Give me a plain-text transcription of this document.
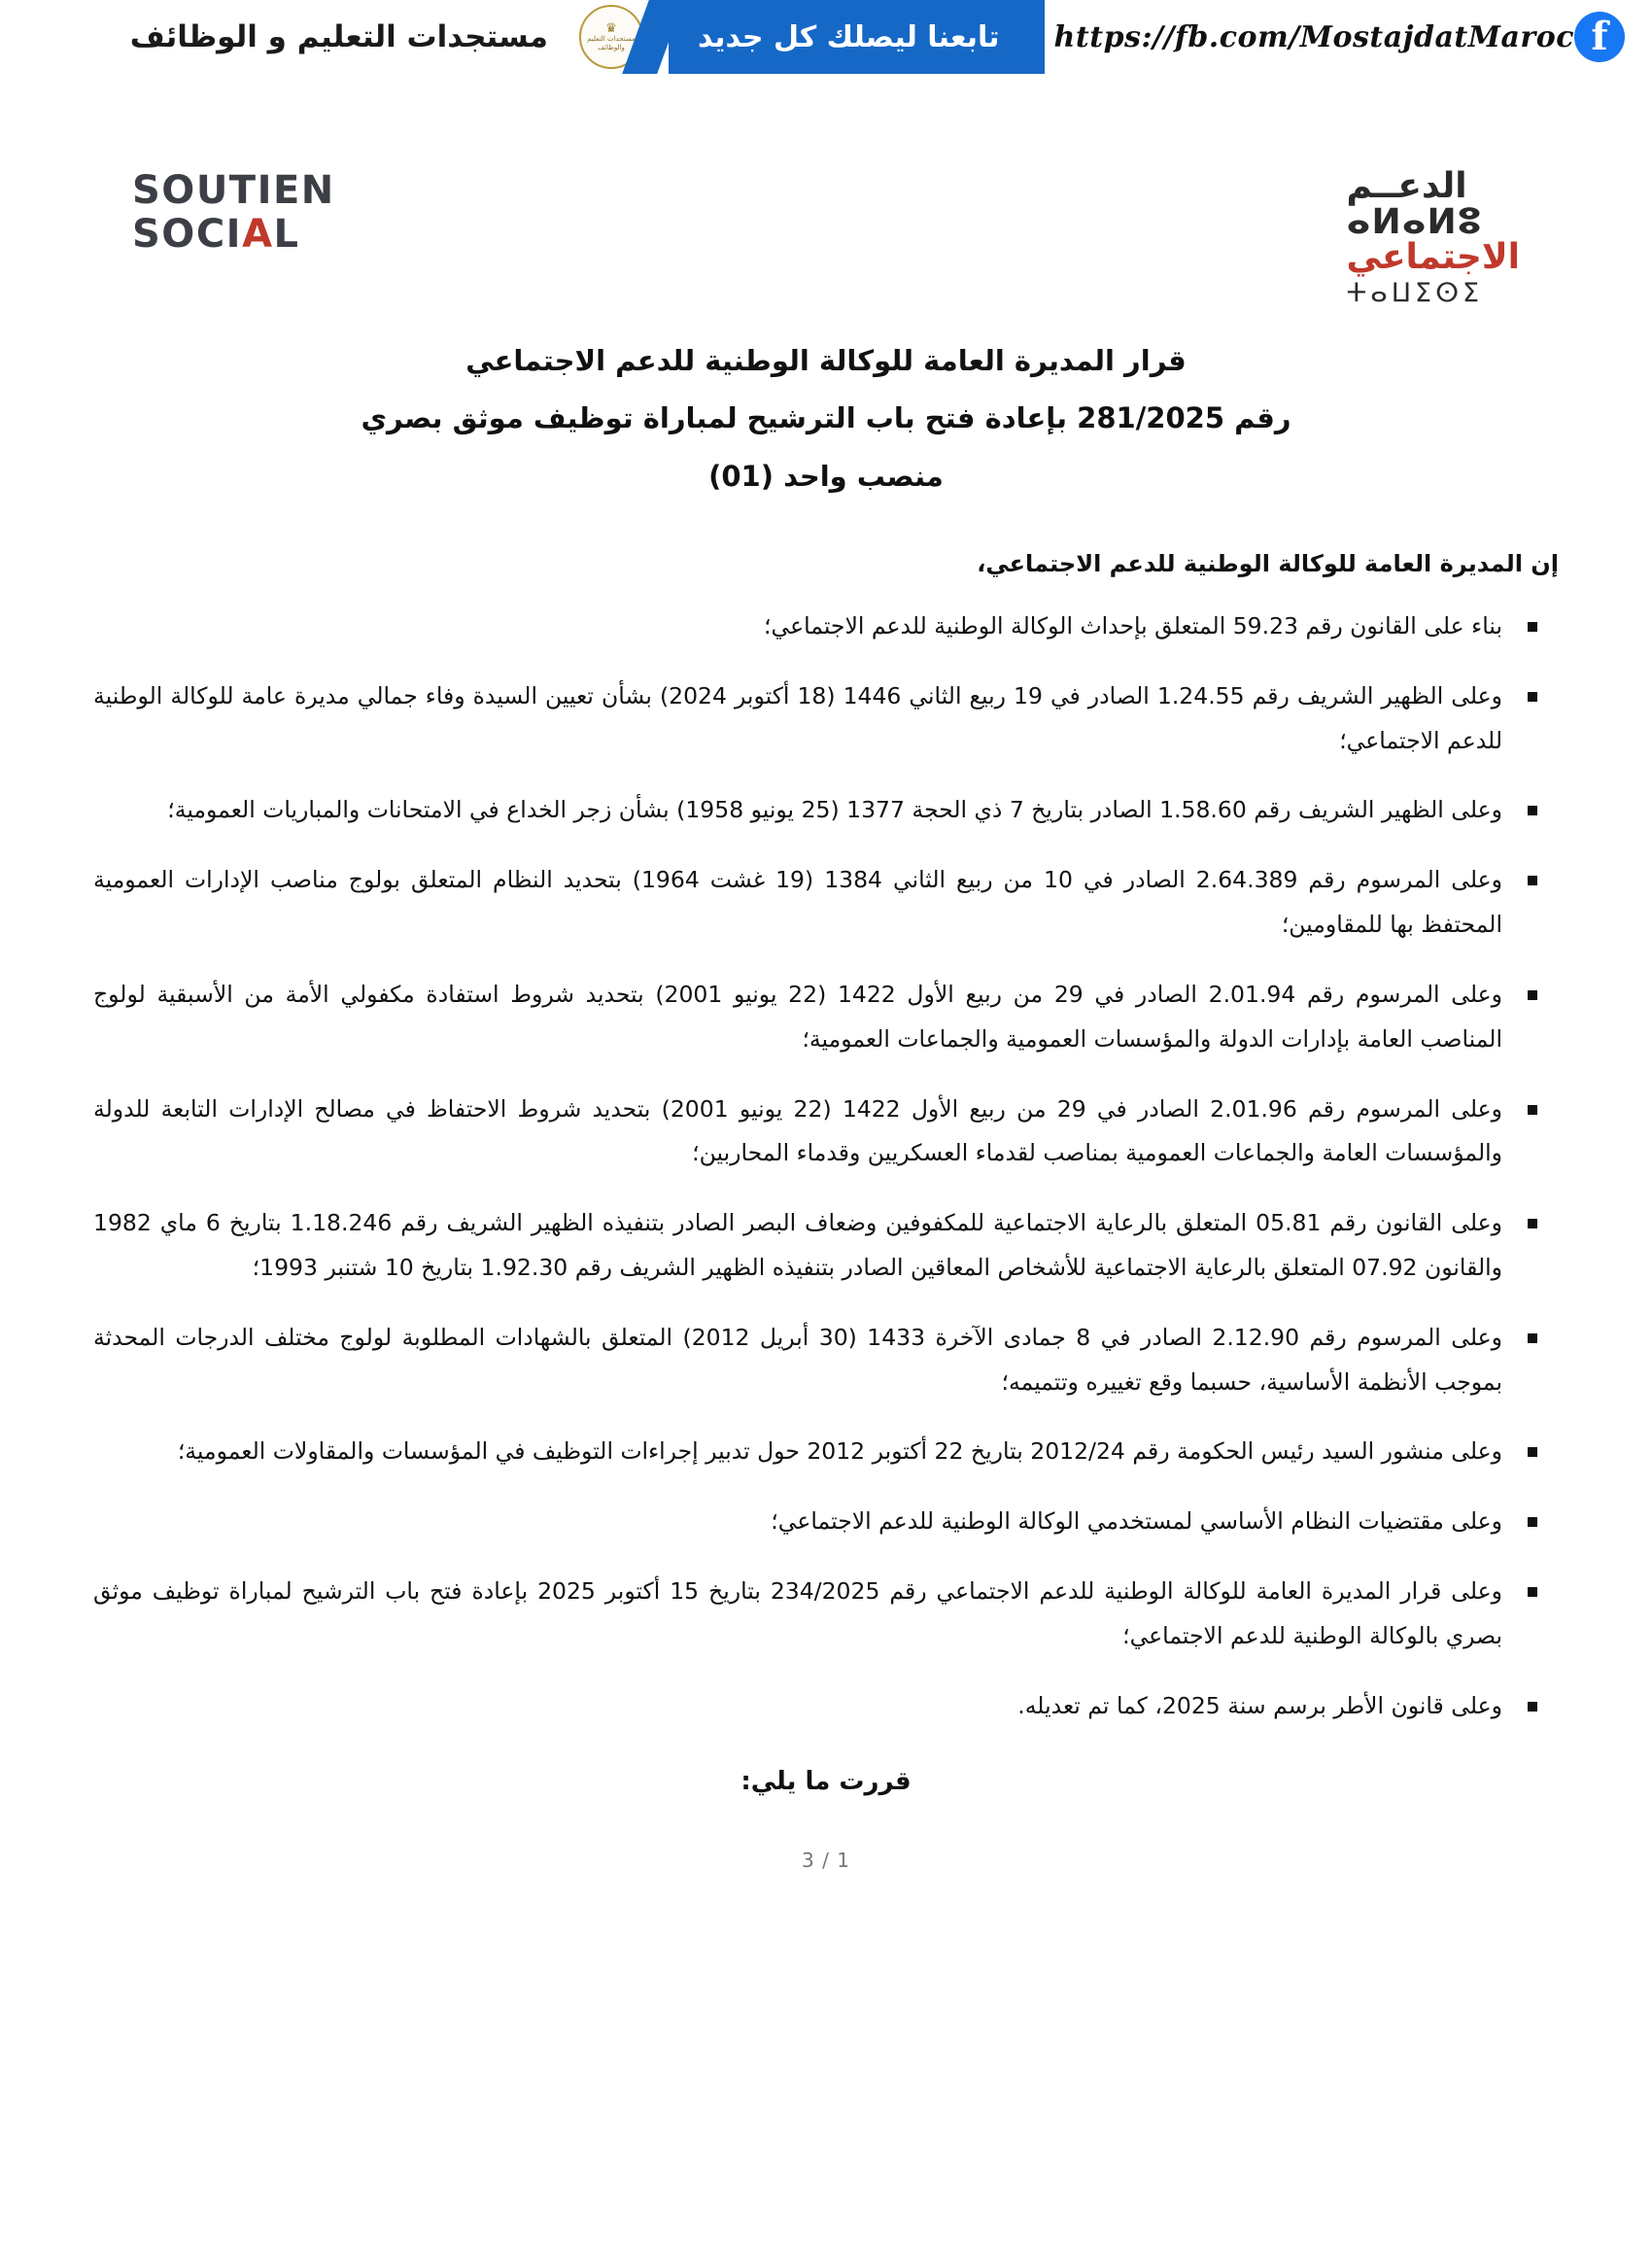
f
https://fb.com/MostajdatMaroc
تابعنا ليصلك كل جديد
♛
مستجدات التعليم والوظائف
مستجدات التعليم و الوظائف
الدعــم
ⴰⵍⴰⵍⵓ
الاجتماعي
ⵜⴰⵡⵉⵙⵉ
SOUTIEN
SOCIAL
قرار المديرة العامة للوكالة الوطنية للدعم الاجتماعي
رقم 281/2025 بإعادة فتح باب الترشيح لمباراة توظيف موثق بصري
منصب واحد (01)
إن المديرة العامة للوكالة الوطنية للدعم الاجتماعي،
بناء على القانون رقم 59.23 المتعلق بإحداث الوكالة الوطنية للدعم الاجتماعي؛
وعلى الظهير الشريف رقم 1.24.55 الصادر في 19 ربيع الثاني 1446 (18 أكتوبر 2024) بشأن تعيين السيدة وفاء جمالي مديرة عامة للوكالة الوطنية للدعم الاجتماعي؛
وعلى الظهير الشريف رقم 1.58.60 الصادر بتاريخ 7 ذي الحجة 1377 (25 يونيو 1958) بشأن زجر الخداع في الامتحانات والمباريات العمومية؛
وعلى المرسوم رقم 2.64.389 الصادر في 10 من ربيع الثاني 1384 (19 غشت 1964) بتحديد النظام المتعلق بولوج مناصب الإدارات العمومية المحتفظ بها للمقاومين؛
وعلى المرسوم رقم 2.01.94 الصادر في 29 من ربيع الأول 1422 (22 يونيو 2001) بتحديد شروط استفادة مكفولي الأمة من الأسبقية لولوج المناصب العامة بإدارات الدولة والمؤسسات العمومية والجماعات العمومية؛
وعلى المرسوم رقم 2.01.96 الصادر في 29 من ربيع الأول 1422 (22 يونيو 2001) بتحديد شروط الاحتفاظ في مصالح الإدارات التابعة للدولة والمؤسسات العامة والجماعات العمومية بمناصب لقدماء العسكريين وقدماء المحاربين؛
وعلى القانون رقم 05.81 المتعلق بالرعاية الاجتماعية للمكفوفين وضعاف البصر الصادر بتنفيذه الظهير الشريف رقم 1.18.246 بتاريخ 6 ماي 1982 والقانون 07.92 المتعلق بالرعاية الاجتماعية للأشخاص المعاقين الصادر بتنفيذه الظهير الشريف رقم 1.92.30 بتاريخ 10 شتنبر 1993؛
وعلى المرسوم رقم 2.12.90 الصادر في 8 جمادى الآخرة 1433 (30 أبريل 2012) المتعلق بالشهادات المطلوبة لولوج مختلف الدرجات المحدثة بموجب الأنظمة الأساسية، حسبما وقع تغييره وتتميمه؛
وعلى منشور السيد رئيس الحكومة رقم 2012/24 بتاريخ 22 أكتوبر 2012 حول تدبير إجراءات التوظيف في المؤسسات والمقاولات العمومية؛
وعلى مقتضيات النظام الأساسي لمستخدمي الوكالة الوطنية للدعم الاجتماعي؛
وعلى قرار المديرة العامة للوكالة الوطنية للدعم الاجتماعي رقم 234/2025 بتاريخ 15 أكتوبر 2025 بإعادة فتح باب الترشيح لمباراة توظيف موثق بصري بالوكالة الوطنية للدعم الاجتماعي؛
وعلى قانون الأطر برسم سنة 2025، كما تم تعديله.
قررت ما يلي:
1 / 3
